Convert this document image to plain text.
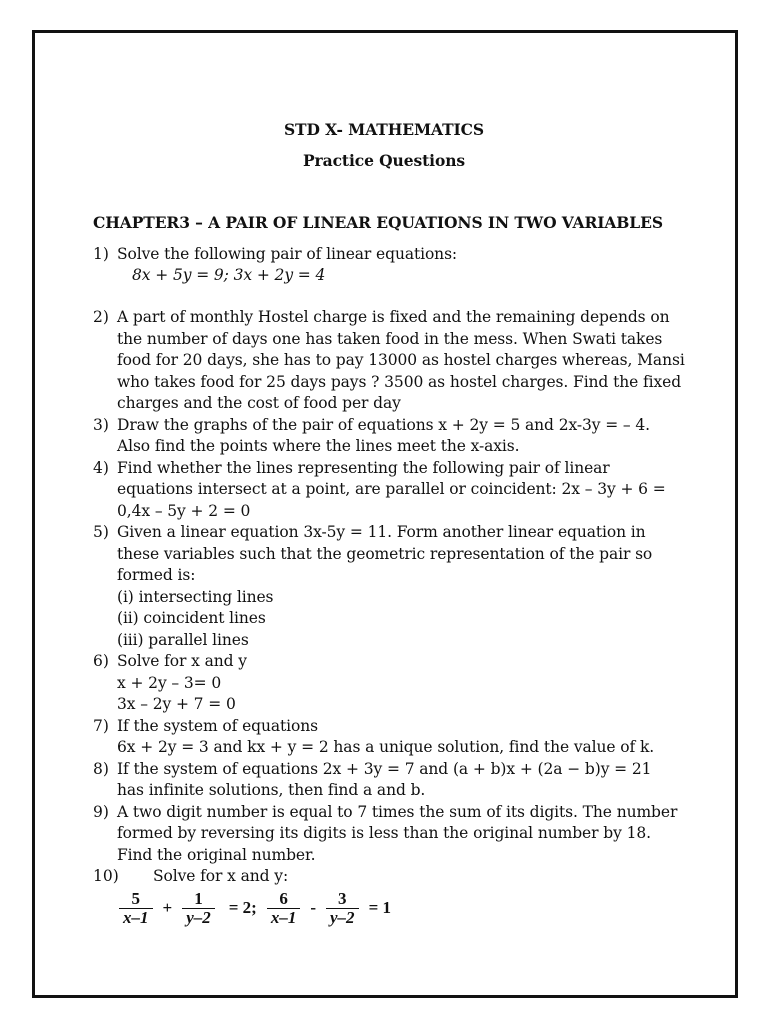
STD X- MATHEMATICS
Practice Questions
CHAPTER3 – A PAIR OF LINEAR EQUATIONS IN TWO VARIABLES
1) Solve the following pair of linear equations:
8x + 5y = 9; 3x + 2y = 4
2) A part of monthly Hostel charge is fixed and the remaining depends on
the number of days one has taken food in the mess. When Swati takes
food for 20 days, she has to pay 13000 as hostel charges whereas, Mansi
who takes food for 25 days pays ? 3500 as hostel charges. Find the fixed
charges and the cost of food per day
3) Draw the graphs of the pair of equations x + 2y = 5 and 2x-3y = – 4.
Also find the points where the lines meet the x-axis.
4) Find whether the lines representing the following pair of linear
equations intersect at a point, are parallel or coincident: 2x – 3y + 6 =
0,4x – 5y + 2 = 0
5) Given a linear equation 3x-5y = 11. Form another linear equation in
these variables such that the geometric representation of the pair so
formed is:
(i) intersecting lines
(ii) coincident lines
(iii) parallel lines
6) Solve for x and y
x + 2y – 3= 0
3x – 2y + 7 = 0
7) If the system of equations
6x + 2y = 3 and kx + y = 2 has a unique solution, find the value of k.
8) If the system of equations 2x + 3y = 7 and (a + b)x + (2a − b)y = 21
has infinite solutions, then find a and b.
9) A two digit number is equal to 7 times the sum of its digits. The number
formed by reversing its digits is less than the original number by 18.
Find the original number.
10) Solve for x and y:
$\frac{5}{x-1} + \frac{1}{y-2} = 2$; $\frac{6}{x-1} - \frac{3}{y-2} = 1$
